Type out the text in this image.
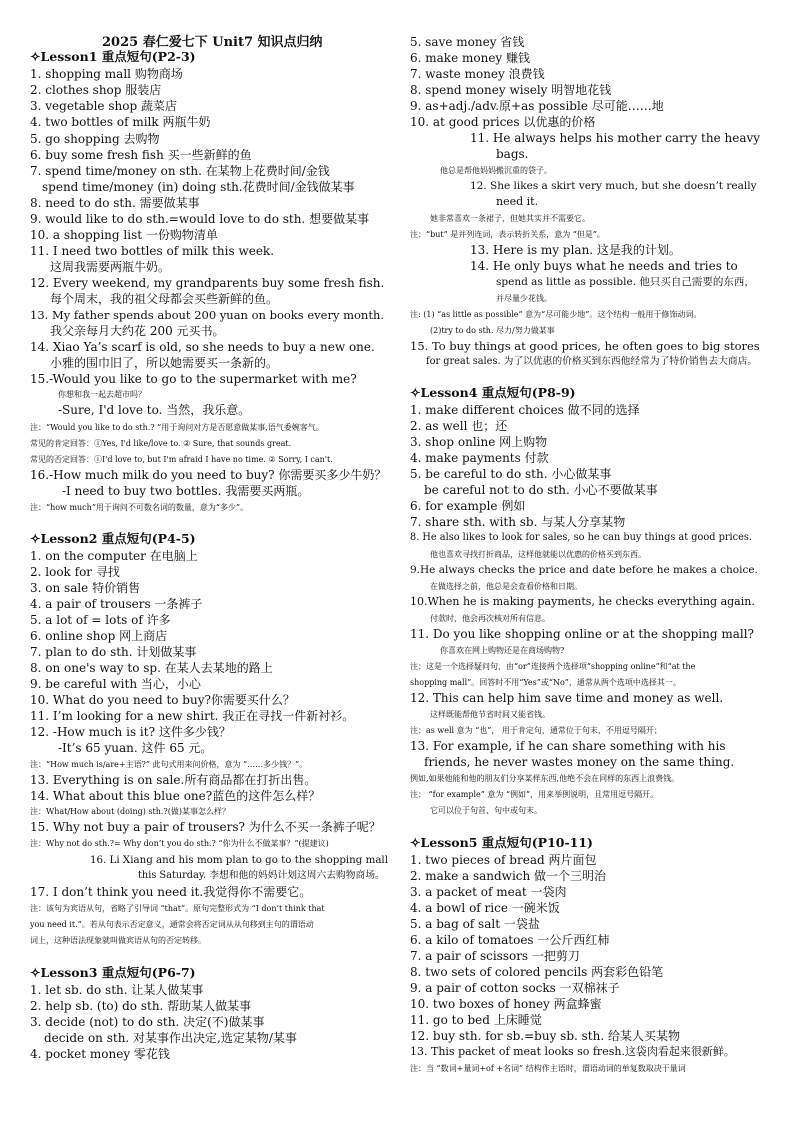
2025 春仁爱七下 Unit7 知识点归纳
✧Lesson1 重点短句(P2-3)
1. shopping mall 购物商场
2. clothes shop 服装店
3. vegetable shop 蔬菜店
4. two bottles of milk 两瓶牛奶
5. go shopping 去购物
6. buy some fresh fish 买一些新鲜的鱼
7. spend time/money on sth. 在某物上花费时间/金钱
spend time/money (in) doing sth.花费时间/金钱做某事
8. need to do sth. 需要做某事
9. would like to do sth.=would love to do sth. 想要做某事
10. a shopping list 一份购物清单
11. I need two bottles of milk this week.
这周我需要两瓶牛奶。
12. Every weekend, my grandparents buy some fresh fish.
每个周末，我的祖父母都会买些新鲜的鱼。
13. My father spends about 200 yuan on books every month.
我父亲每月大约花 200 元买书。
14. Xiao Ya’s scarf is old, so she needs to buy a new one.
小雅的围巾旧了，所以她需要买一条新的。
15.-Would you like to go to the supermarket with me?
你想和我一起去超市吗？
-Sure, I'd love to. 当然，我乐意。
注：“Would you like to do sth.? ”用于询问对方是否愿意做某事,语气委婉客气。
常见的肯定回答：①Yes, I'd like/love to. ② Sure, that sounds great.
常见的否定回答：①I'd love to, but I'm afraid I have no time. ② Sorry, I can't.
16.-How much milk do you need to buy? 你需要买多少牛奶？
-I need to buy two bottles. 我需要买两瓶。
注：“how much”用于询问不可数名词的数量，意为“多少”。
✧Lesson2 重点短句(P4-5)
1. on the computer 在电脑上
2. look for 寻找
3. on sale 特价销售
4. a pair of trousers 一条裤子
5. a lot of = lots of 许多
6. online shop 网上商店
7. plan to do sth. 计划做某事
8. on one's way to sp. 在某人去某地的路上
9. be careful with 当心，小心
10. What do you need to buy?你需要买什么？
11. I’m looking for a new shirt. 我正在寻找一件新衬衫。
12. -How much is it? 这件多少钱？
-It’s 65 yuan. 这件 65 元。
注：“How much is/are+主语?” 此句式用来问价格，意为 “……多少钱？”。
13. Everything is on sale.所有商品都在打折出售。
14. What about this blue one?蓝色的这件怎么样？
注：What/How about (doing) sth.?(做)某事怎么样？
15. Why not buy a pair of trousers? 为什么不买一条裤子呢？
注：Why not do sth.?= Why don’t you do sth.? “你为什么不做某事？”(提建议)
16. Li Xiang and his mom plan to go to the shopping mall
this Saturday. 李想和他的妈妈计划这周六去购物商场。
17. I don’t think you need it.我觉得你不需要它。
注：该句为宾语从句，省略了引导词 “that”。原句完整形式为 “I don’t think that
you need it.”。若从句表示否定意义，通常会将否定词从从句移到主句的谓语动
词上，这种语法现象就叫做宾语从句的否定转移。
✧Lesson3 重点短句(P6-7)
1. let sb. do sth. 让某人做某事
2. help sb. (to) do sth. 帮助某人做某事
3. decide (not) to do sth. 决定(不)做某事
decide on sth. 对某事作出决定,选定某物/某事
4. pocket money 零花钱
5. save money 省钱
6. make money 赚钱
7. waste money 浪费钱
8. spend money wisely 明智地花钱
9. as+adj./adv.原+as possible 尽可能……地
10. at good prices 以优惠的价格
11. He always helps his mother carry the heavy
bags.
他总是帮他妈妈搬沉重的袋子。
12. She likes a skirt very much, but she doesn’t really
need it.
她非常喜欢一条裙子，但她其实并不需要它。
注：“but” 是并列连词，表示转折关系，意为 “但是”。
13. Here is my plan. 这是我的计划。
14. He only buys what he needs and tries to
spend as little as possible. 他只买自己需要的东西，
并尽量少花钱。
注: (1) “as little as possible” 意为“尽可能少地”。这个结构一般用于修饰动词。
(2)try to do sth. 尽力/努力做某事
15. To buy things at good prices, he often goes to big stores
for great sales. 为了以优惠的价格买到东西他经常为了特价销售去大商店。
✧Lesson4 重点短句(P8-9)
1. make different choices 做不同的选择
2. as well 也；还
3. shop online 网上购物
4. make payments 付款
5. be careful to do sth. 小心做某事
be careful not to do sth. 小心不要做某事
6. for example 例如
7. share sth. with sb. 与某人分享某物
8. He also likes to look for sales, so he can buy things at good prices.
他也喜欢寻找打折商品，这样他就能以优惠的价格买到东西。
9.He always checks the price and date before he makes a choice.
在做选择之前，他总是会查看价格和日期。
10.When he is making payments, he checks everything again.
付款时，他会再次核对所有信息。
11. Do you like shopping online or at the shopping mall?
你喜欢在网上购物还是在商场购物?
注：这是一个选择疑问句，由“or”连接两个选择项“shopping online”和“at the
shopping mall”。回答时不用“Yes”或“No”，通常从两个选项中选择其一。
12. This can help him save time and money as well.
这样既能帮他节省时间又能省钱。
注：as well 意为 “也”， 用于肯定句，通常位于句末，不用逗号隔开；
13. For example, if he can share something with his
friends, he never wastes money on the same thing.
例如,如果他能和他的朋友们分享某样东西,他绝不会在同样的东西上浪费钱。
注： “for example” 意为 “例如”，用来举例说明，且常用逗号隔开。
它可以位于句首、句中或句末。
✧Lesson5 重点短句(P10-11)
1. two pieces of bread 两片面包
2. make a sandwich 做一个三明治
3. a packet of meat 一袋肉
4. a bowl of rice 一碗米饭
5. a bag of salt 一袋盐
6. a kilo of tomatoes 一公斤西红柿
7. a pair of scissors 一把剪刀
8. two sets of colored pencils 两套彩色铅笔
9. a pair of cotton socks 一双棉袜子
10. two boxes of honey 两盒蜂蜜
11. go to bed 上床睡觉
12. buy sth. for sb.=buy sb. sth. 给某人买某物
13. This packet of meat looks so fresh.这袋肉看起来很新鲜。
注：当 “数词+量词+of +名词” 结构作主语时，谓语动词的单复数取决于量词
